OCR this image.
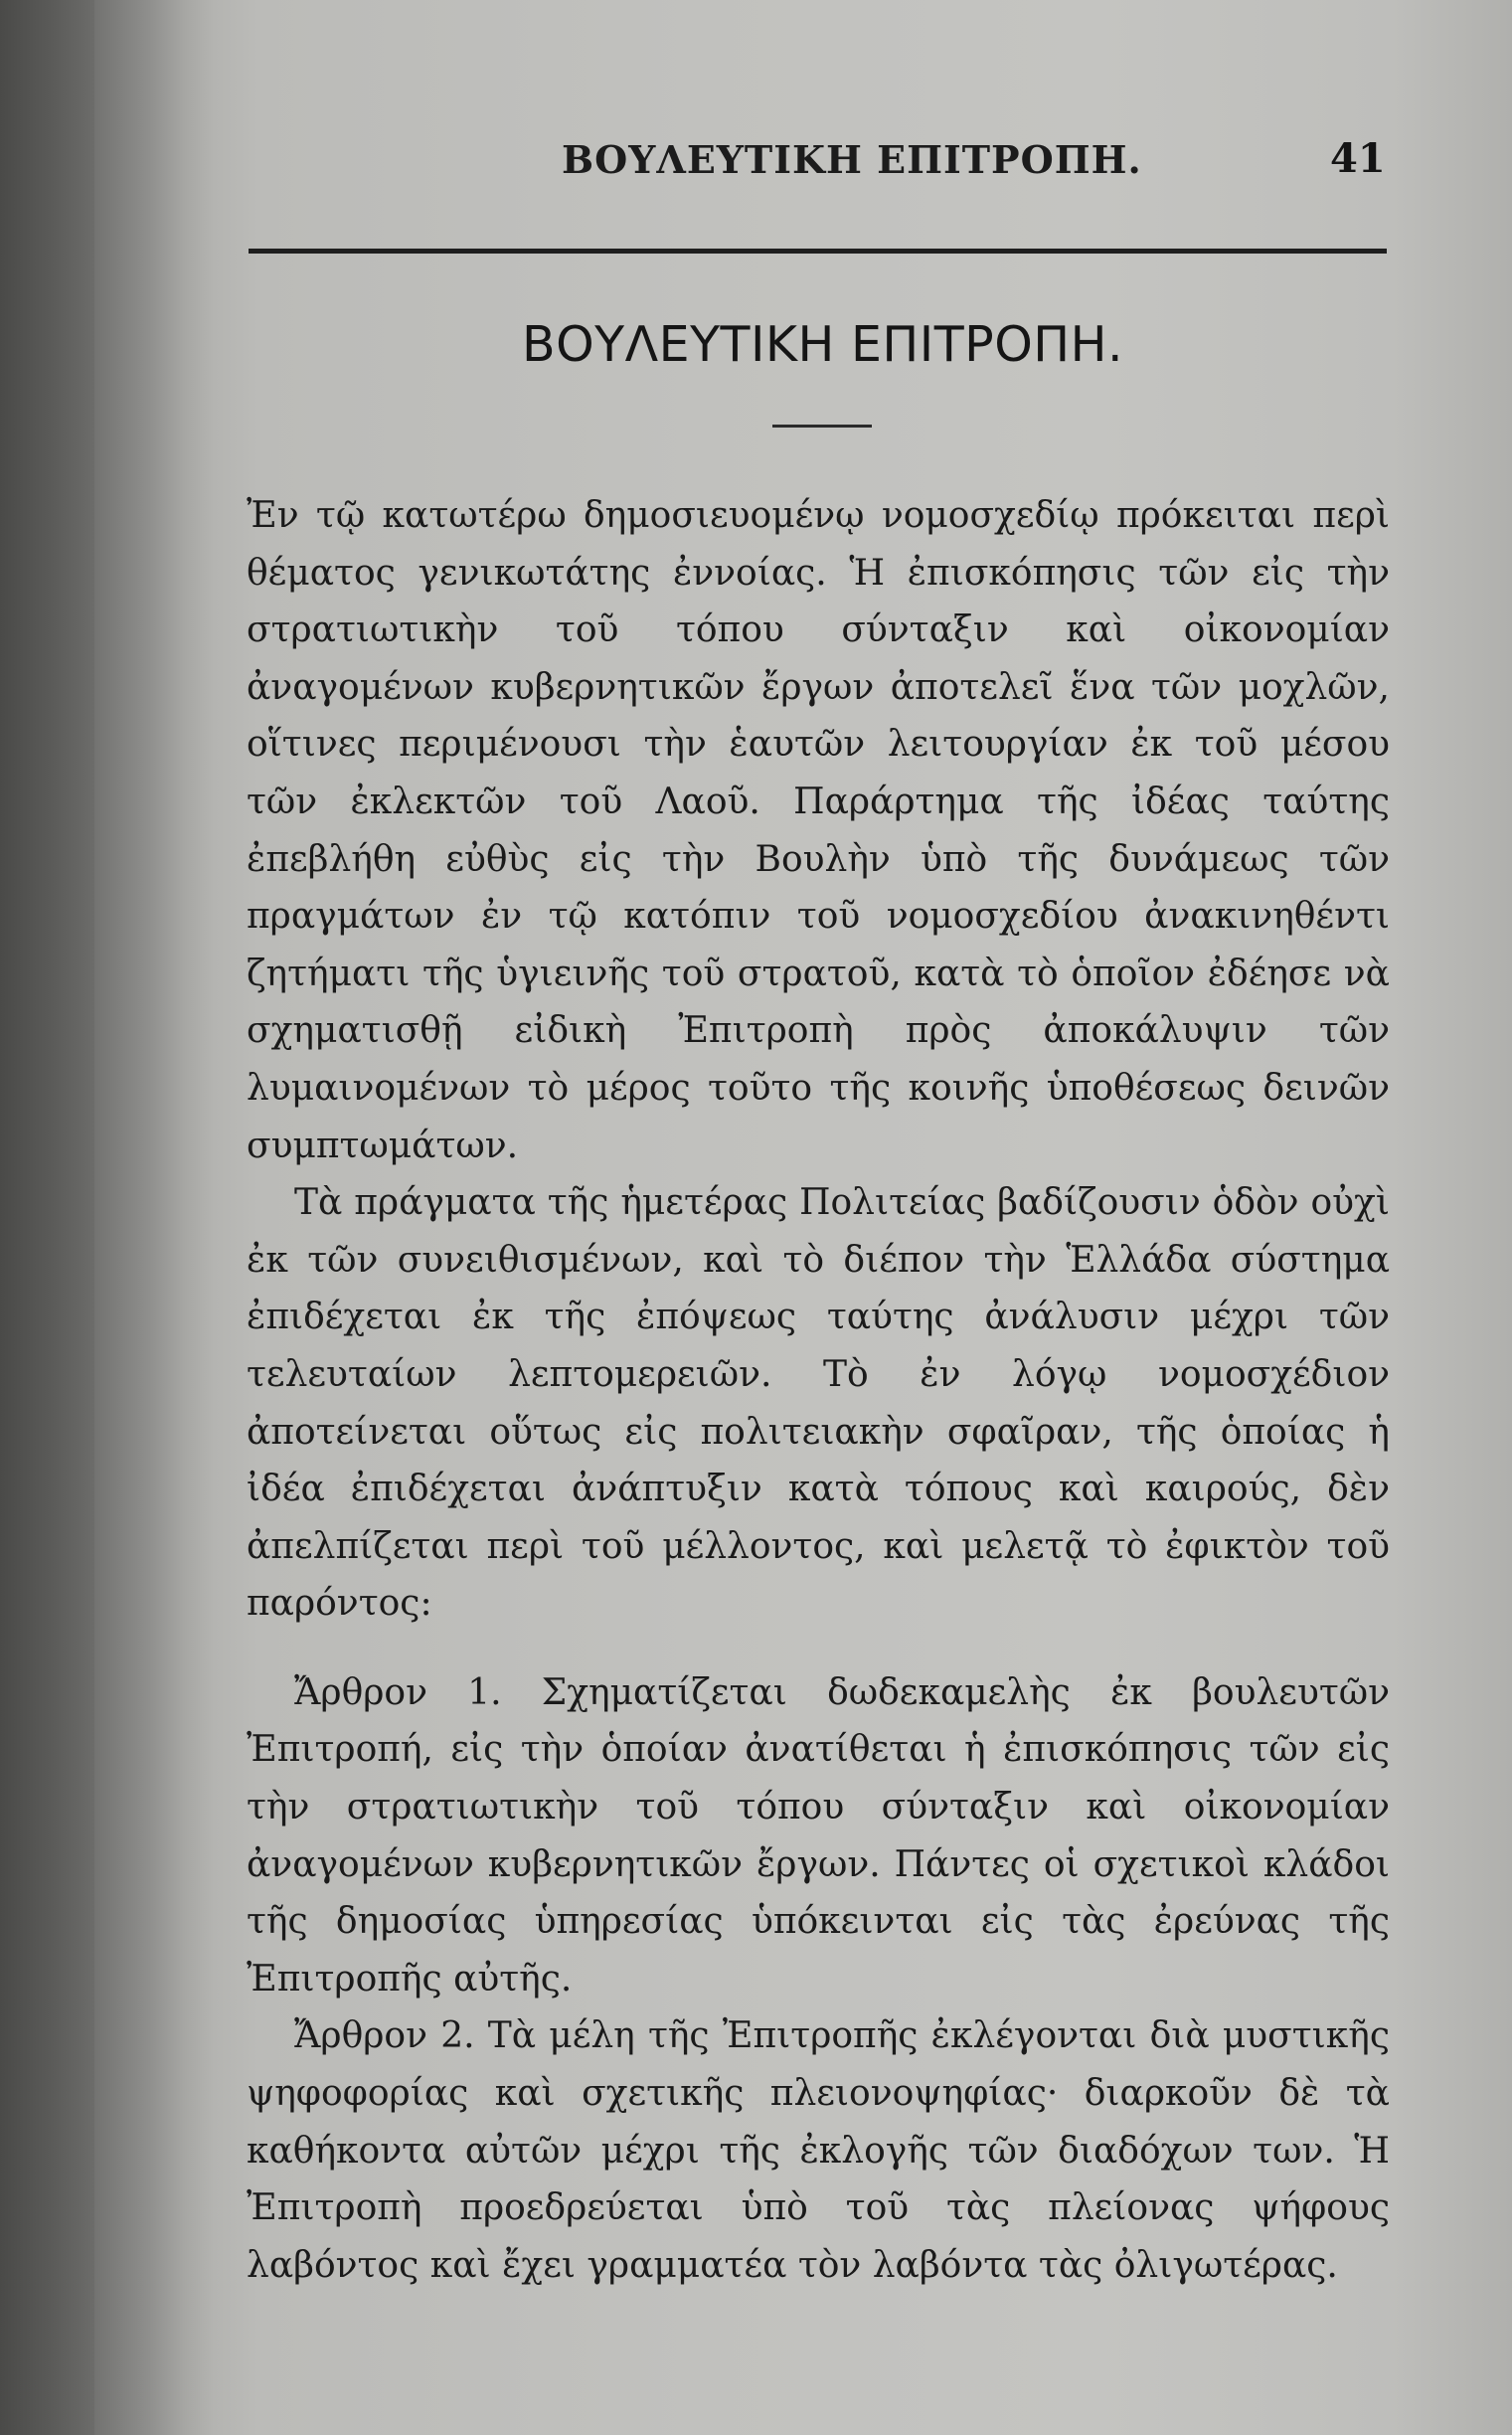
ΒΟΥΛΕΥΤΙΚΗ ΕΠΙΤΡΟΠΗ.	41
ΒΟΥΛΕΥΤΙΚΗ ΕΠΙΤΡΟΠΗ.

Ἐν τῷ κατωτέρω δημοσιευομένῳ νομοσχεδίῳ πρόκειται περὶ θέματος γενικωτάτης ἐννοίας. Ἡ ἐπισκόπησις τῶν εἰς τὴν στρατιωτικὴν τοῦ τόπου σύνταξιν καὶ οἰκονομίαν ἀναγομένων κυβερνητικῶν ἔργων ἀποτελεῖ ἕνα τῶν μοχλῶν, οἵτινες περιμένουσι τὴν ἑαυτῶν λειτουργίαν ἐκ τοῦ μέσου τῶν ἐκλεκτῶν τοῦ Λαοῦ. Παράρτημα τῆς ἰδέας ταύτης ἐπεβλήθη εὐθὺς εἰς τὴν Βουλὴν ὑπὸ τῆς δυνάμεως τῶν πραγμάτων ἐν τῷ κατόπιν τοῦ νομοσχεδίου ἀνακινηθέντι ζητήματι τῆς ὑγιεινῆς τοῦ στρατοῦ, κατὰ τὸ ὁποῖον ἐδέησε νὰ σχηματισθῇ εἰδικὴ Ἐπιτροπὴ πρὸς ἀποκάλυψιν τῶν λυμαινομένων τὸ μέρος τοῦτο τῆς κοινῆς ὑποθέσεως δεινῶν συμπτωμάτων.

Τὰ πράγματα τῆς ἡμετέρας Πολιτείας βαδίζουσιν ὁδὸν οὐχὶ ἐκ τῶν συνειθισμένων, καὶ τὸ διέπον τὴν Ἑλλάδα σύστημα ἐπιδέχεται ἐκ τῆς ἐπόψεως ταύτης ἀνάλυσιν μέχρι τῶν τελευταίων λεπτομερειῶν. Τὸ ἐν λόγῳ νομοσχέδιον ἀποτείνεται οὕτως εἰς πολιτειακὴν σφαῖραν, τῆς ὁποίας ἡ ἰδέα ἐπιδέχεται ἀνάπτυξιν κατὰ τόπους καὶ καιρούς, δὲν ἀπελπίζεται περὶ τοῦ μέλλοντος, καὶ μελετᾷ τὸ ἐφικτὸν τοῦ παρόντος:

Ἄρθρον 1. Σχηματίζεται δωδεκαμελὴς ἐκ βουλευτῶν Ἐπιτροπή, εἰς τὴν ὁποίαν ἀνατίθεται ἡ ἐπισκόπησις τῶν εἰς τὴν στρατιωτικὴν τοῦ τόπου σύνταξιν καὶ οἰκονομίαν ἀναγομένων κυβερνητικῶν ἔργων. Πάντες οἱ σχετικοὶ κλάδοι τῆς δημοσίας ὑπηρεσίας ὑπόκεινται εἰς τὰς ἐρεύνας τῆς Ἐπιτροπῆς αὐτῆς.

Ἄρθρον 2. Τὰ μέλη τῆς Ἐπιτροπῆς ἐκλέγονται διὰ μυστικῆς ψηφοφορίας καὶ σχετικῆς πλειονοψηφίας· διαρκοῦν δὲ τὰ καθήκοντα αὐτῶν μέχρι τῆς ἐκλογῆς τῶν διαδόχων των. Ἡ Ἐπιτροπὴ προεδρεύεται ὑπὸ τοῦ τὰς πλείονας ψήφους λαβόντος καὶ ἔχει γραμματέα τὸν λαβόντα τὰς ὀλιγωτέρας.
